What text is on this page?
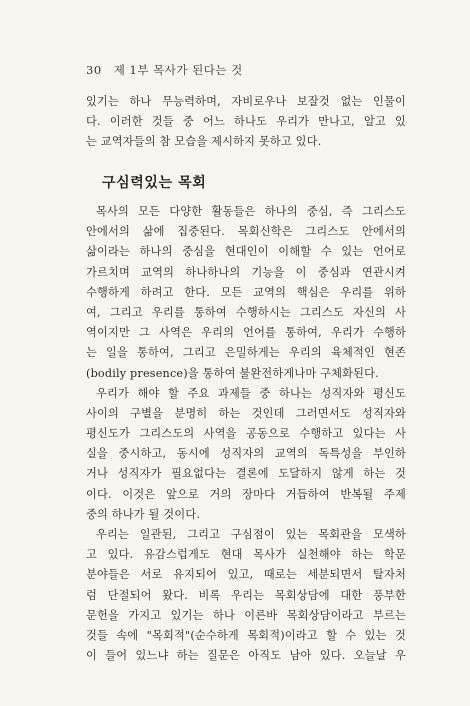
30 제 1부 목사가 된다는 것
있기는 하나 무능력하며, 자비로우나 보잘것 없는 인물이
다. 이러한 것들 중 어느 하나도 우리가 만나고, 알고 있
는 교역자들의 참 모습을 제시하지 못하고 있다.
구심력있는 목회
목사의 모든 다양한 활동들은 하나의 중심, 즉 그리스도
안에서의 삶에 집중된다. 목회신학은 그리스도 안에서의
삶이라는 하나의 중심을 현대인이 이해할 수 있는 언어로
가르치며 교역의 하나하나의 기능을 이 중심과 연관시켜
수행하게 하려고 한다. 모든 교역의 핵심은 우리를 위하
여, 그리고 우리를 통하여 수행하시는 그리스도 자신의 사
역이지만 그 사역은 우리의 언어를 통하여, 우리가 수행하
는 일을 통하여, 그리고 은밀하게는 우리의 육체적인 현존
(bodily presence)을 통하여 불완전하게나마 구체화된다.
우리가 해야 할 주요 과제들 중 하나는 성직자와 평신도
사이의 구별을 분명히 하는 것인데 그러면서도 성직자와
평신도가 그리스도의 사역을 공동으로 수행하고 있다는 사
실을 중시하고, 동시에 성직자의 교역의 독특성을 부인하
거나 성직자가 필요없다는 결론에 도달하지 않게 하는 것
이다. 이것은 앞으로 거의 장마다 거듭하여 반복될 주제
중의 하나가 될 것이다.
우리는 일관된, 그리고 구심점이 있는 목회관을 모색하
고 있다. 유감스럽게도 현대 목사가 실천해야 하는 학문
분야들은 서로 유지되어 있고, 때로는 세분되면서 탈자처
럼 단절되어 왔다. 비록 우리는 목회상담에 대한 풍부한
문헌을 가지고 있기는 하나 이른바 목회상담이라고 부르는
것들 속에 "목회적"(순수하게 목회적)이라고 할 수 있는 것
이 들어 있느냐 하는 질문은 아직도 남아 있다. 오늘날 우
